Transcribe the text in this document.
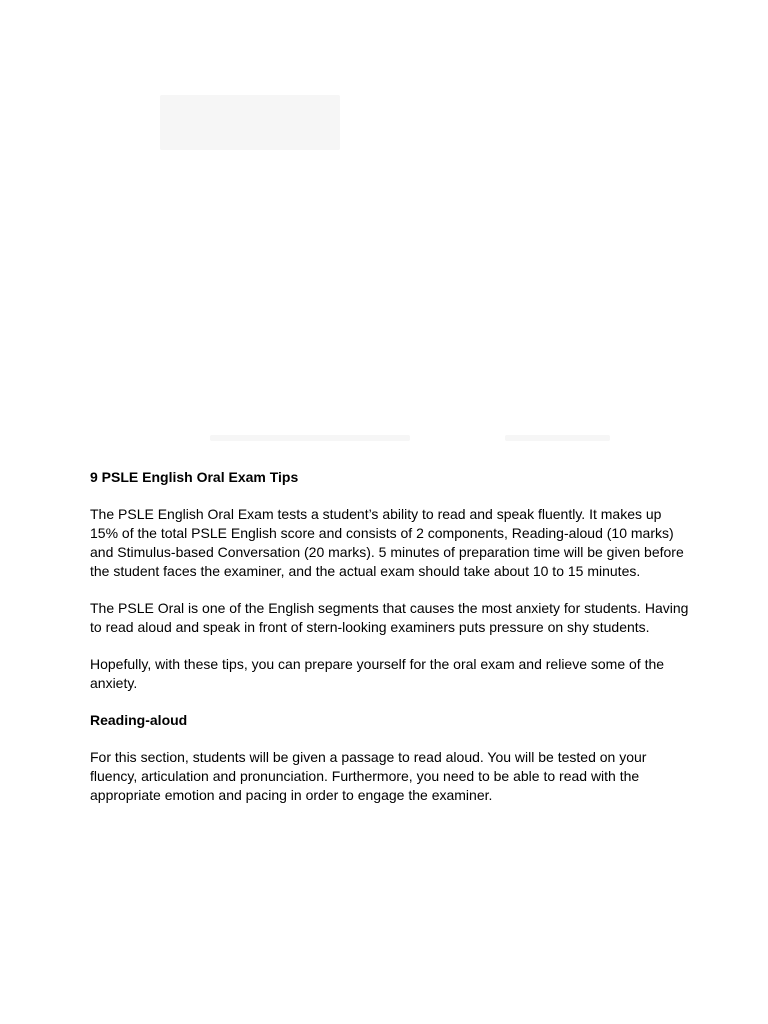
9 PSLE English Oral Exam Tips

The PSLE English Oral Exam tests a student’s ability to read and speak fluently. It makes up 15% of the total PSLE English score and consists of 2 components, Reading-aloud (10 marks) and Stimulus-based Conversation (20 marks). 5 minutes of preparation time will be given before the student faces the examiner, and the actual exam should take about 10 to 15 minutes.

The PSLE Oral is one of the English segments that causes the most anxiety for students. Having to read aloud and speak in front of stern-looking examiners puts pressure on shy students.

Hopefully, with these tips, you can prepare yourself for the oral exam and relieve some of the anxiety.

Reading-aloud

For this section, students will be given a passage to read aloud. You will be tested on your fluency, articulation and pronunciation. Furthermore, you need to be able to read with the appropriate emotion and pacing in order to engage the examiner.
